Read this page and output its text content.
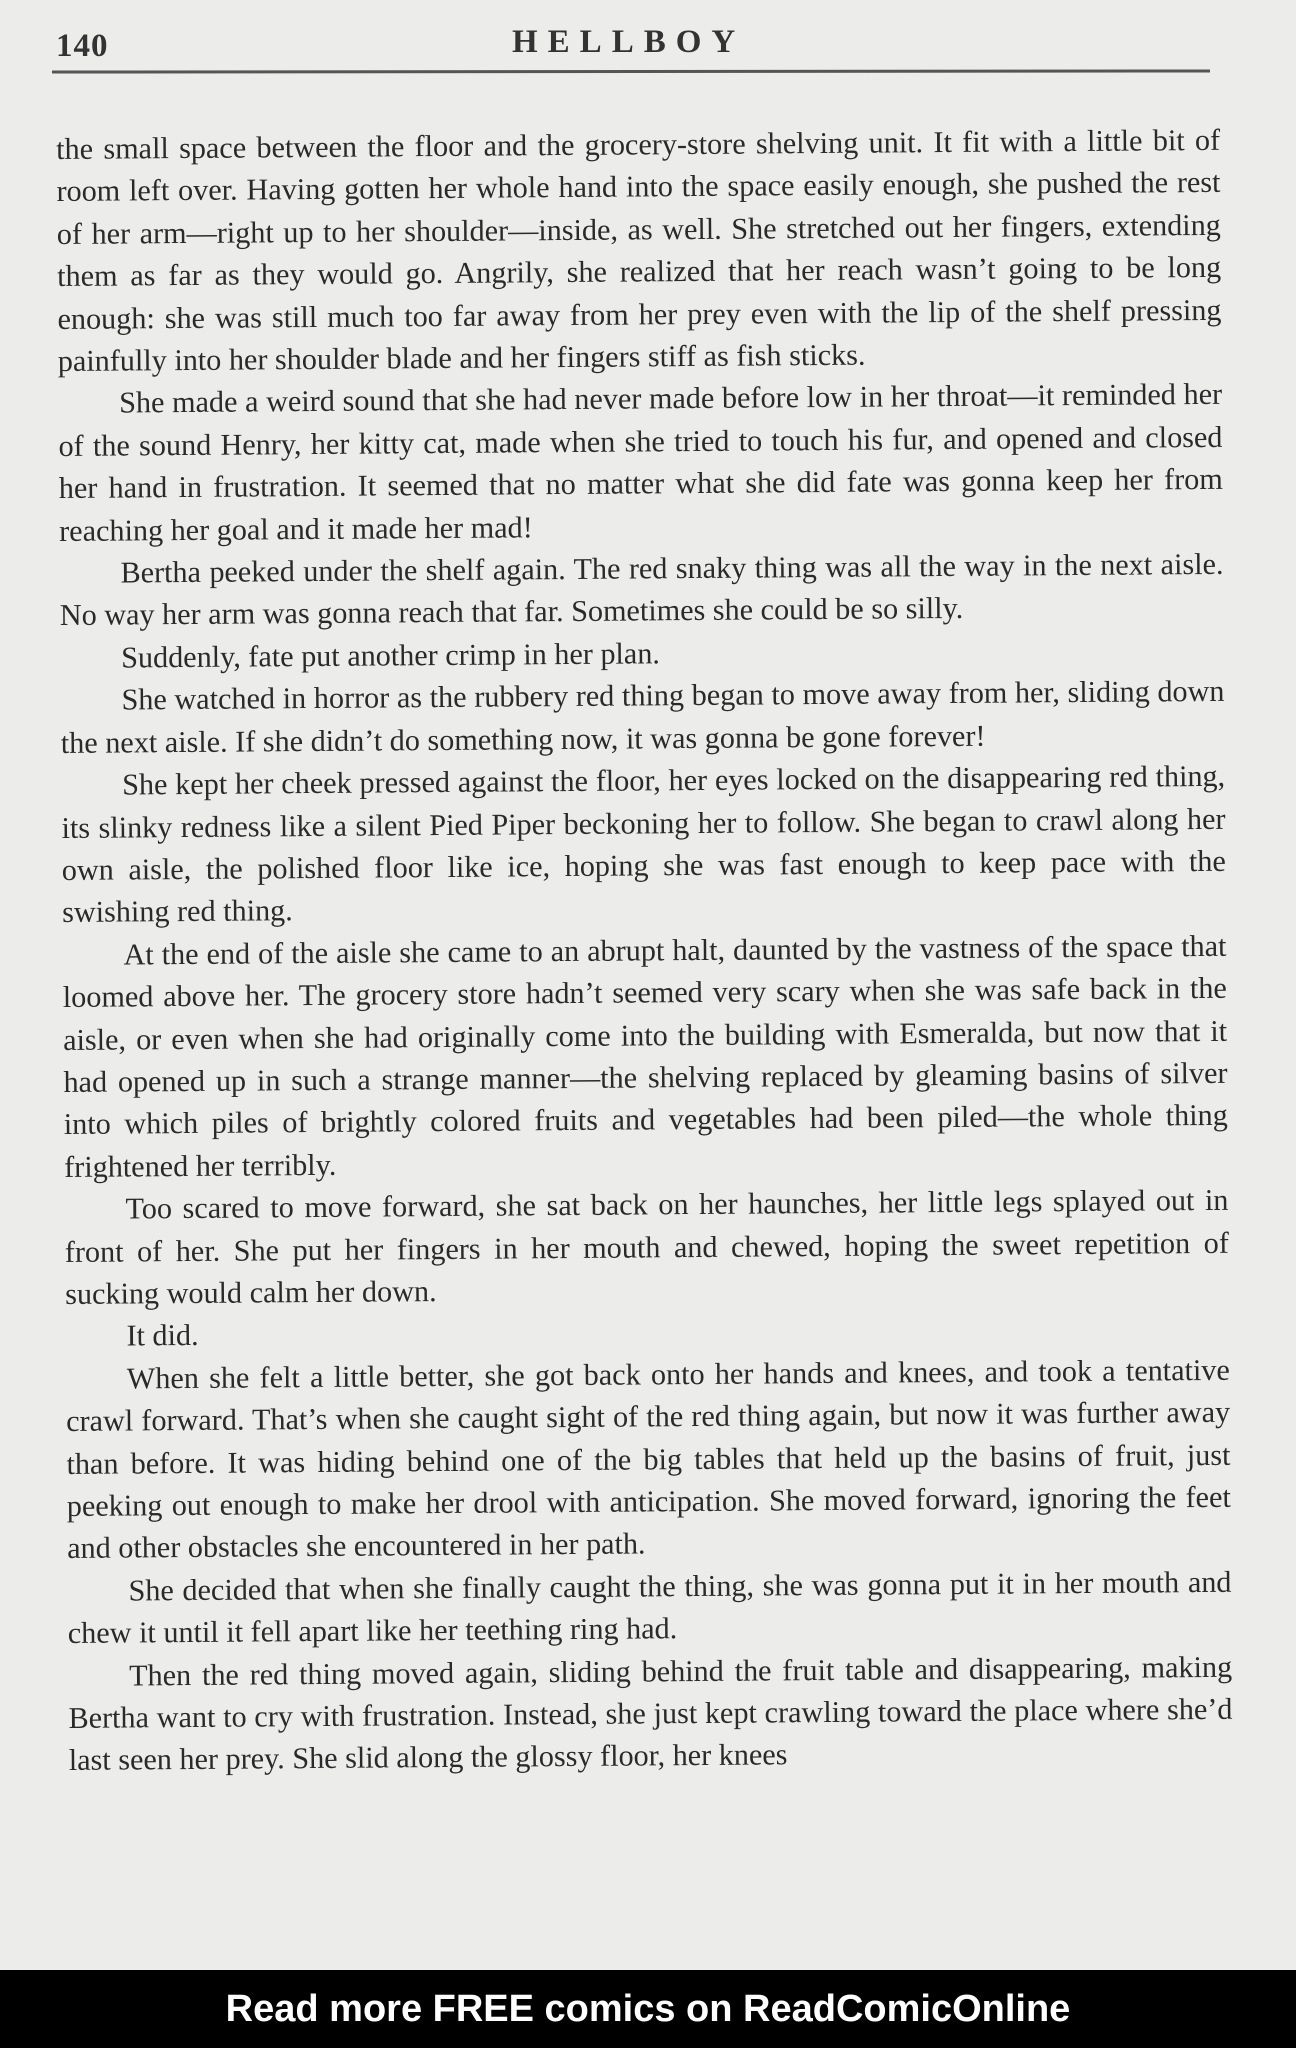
140	HELLBOY

the small space between the floor and the grocery-store shelving unit. It fit with a little bit of room left over. Having gotten her whole hand into the space easily enough, she pushed the rest of her arm—right up to her shoulder—inside, as well. She stretched out her fingers, extending them as far as they would go. Angrily, she realized that her reach wasn’t going to be long enough: she was still much too far away from her prey even with the lip of the shelf pressing painfully into her shoulder blade and her fingers stiff as fish sticks.

She made a weird sound that she had never made before low in her throat—it reminded her of the sound Henry, her kitty cat, made when she tried to touch his fur, and opened and closed her hand in frustration. It seemed that no matter what she did fate was gonna keep her from reaching her goal and it made her mad!

Bertha peeked under the shelf again. The red snaky thing was all the way in the next aisle. No way her arm was gonna reach that far. Sometimes she could be so silly.

Suddenly, fate put another crimp in her plan.

She watched in horror as the rubbery red thing began to move away from her, sliding down the next aisle. If she didn’t do something now, it was gonna be gone forever!

She kept her cheek pressed against the floor, her eyes locked on the disappearing red thing, its slinky redness like a silent Pied Piper beckoning her to follow. She began to crawl along her own aisle, the polished floor like ice, hoping she was fast enough to keep pace with the swishing red thing.

At the end of the aisle she came to an abrupt halt, daunted by the vastness of the space that loomed above her. The grocery store hadn’t seemed very scary when she was safe back in the aisle, or even when she had originally come into the building with Esmeralda, but now that it had opened up in such a strange manner—the shelving replaced by gleaming basins of silver into which piles of brightly colored fruits and vegetables had been piled—the whole thing frightened her terribly.

Too scared to move forward, she sat back on her haunches, her little legs splayed out in front of her. She put her fingers in her mouth and chewed, hoping the sweet repetition of sucking would calm her down.

It did.

When she felt a little better, she got back onto her hands and knees, and took a tentative crawl forward. That’s when she caught sight of the red thing again, but now it was further away than before. It was hiding behind one of the big tables that held up the basins of fruit, just peeking out enough to make her drool with anticipation. She moved forward, ignoring the feet and other obstacles she encountered in her path.

She decided that when she finally caught the thing, she was gonna put it in her mouth and chew it until it fell apart like her teething ring had.

Then the red thing moved again, sliding behind the fruit table and disappearing, making Bertha want to cry with frustration. Instead, she just kept crawling toward the place where she’d last seen her prey. She slid along the glossy floor, her knees

Read more FREE comics on ReadComicOnline
